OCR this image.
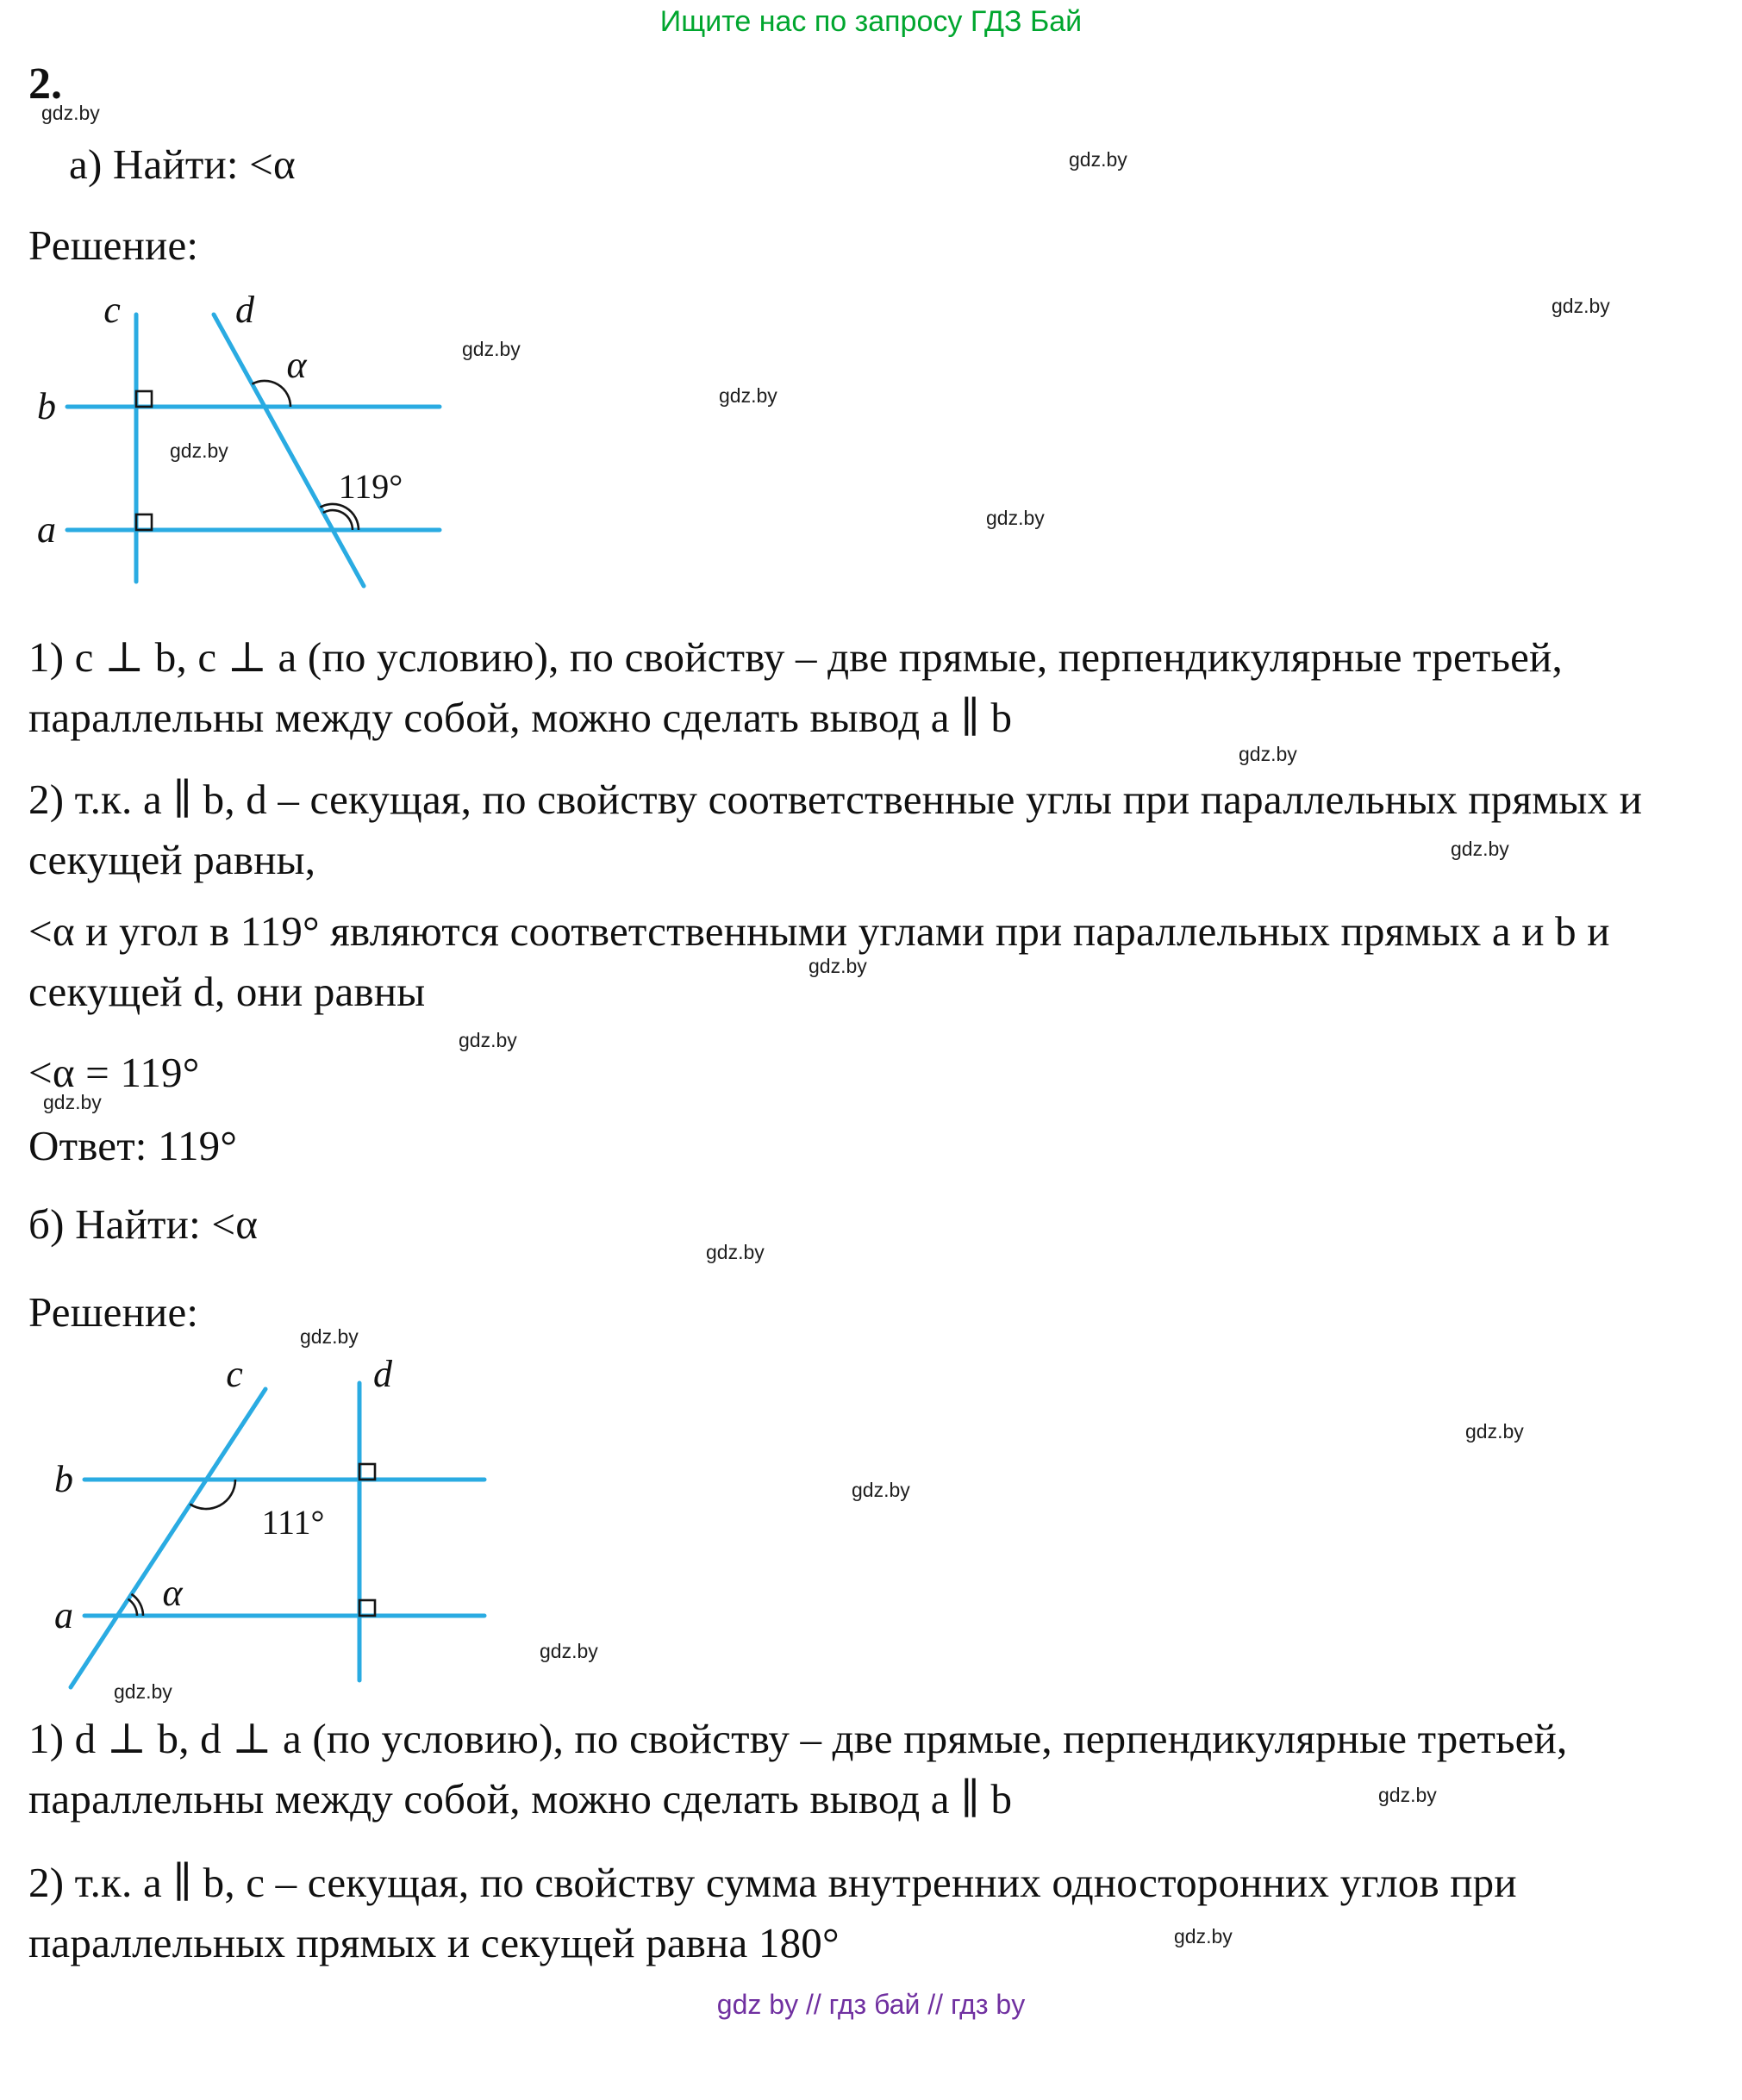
Ищите нас по запросу ГДЗ Бай
2.
gdz.by
gdz.by
gdz.by
gdz.by
gdz.by
gdz.by
gdz.by
gdz.by
gdz.by
gdz.by
gdz.by
gdz.by
gdz.by
gdz.by
gdz.by
gdz.by
gdz.by
gdz.by
gdz.by
gdz.by
а) Найти: <α
Решение:
c	d
b
a
α
119°
1) c ⊥ b, c ⊥ a (по условию), по свойству – две прямые, перпендикулярные третьей, параллельны между собой, можно сделать вывод a ∥ b
2) т.к. a ∥ b, d – секущая, по свойству соответственные углы при параллельных прямых и секущей равны,
<α и угол в 119° являются соответственными углами при параллельных прямых a и b и секущей d, они равны
<α = 119°
Ответ: 119°
б) Найти: <α
Решение:
c	d
b
a
111°
α
1) d ⊥ b, d ⊥ a (по условию), по свойству – две прямые, перпендикулярные третьей, параллельны между собой, можно сделать вывод a ∥ b
2) т.к. a ∥ b, c – секущая, по свойству сумма внутренних односторонних углов при параллельных прямых и секущей равна 180°
gdz by // гдз бай // гдз by
